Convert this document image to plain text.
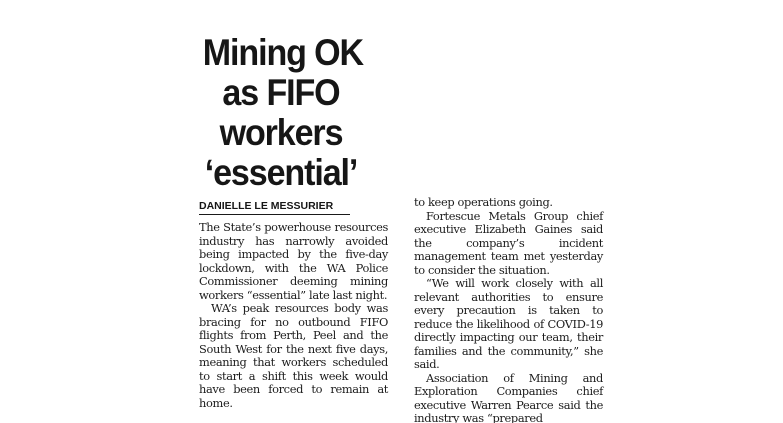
Mining OK
as FIFO
workers
‘essential’
DANIELLE LE MESSURIER

The State’s powerhouse resources industry has narrowly avoided being impacted by the five-day lockdown, with the WA Police Commissioner deeming mining workers “essential” late last night.

WA’s peak resources body was bracing for no outbound FIFO flights from Perth, Peel and the South West for the next five days, meaning that workers scheduled to start a shift this week would have been forced to remain at home.

to keep operations going.

Fortescue Metals Group chief executive Elizabeth Gaines said the company’s incident management team met yesterday to consider the situation.

“We will work closely with all relevant authorities to ensure every precaution is taken to reduce the likelihood of COVID-19 directly impacting our team, their families and the community,” she said.

Association of Mining and Exploration Companies chief executive Warren Pearce said the industry was “prepared
